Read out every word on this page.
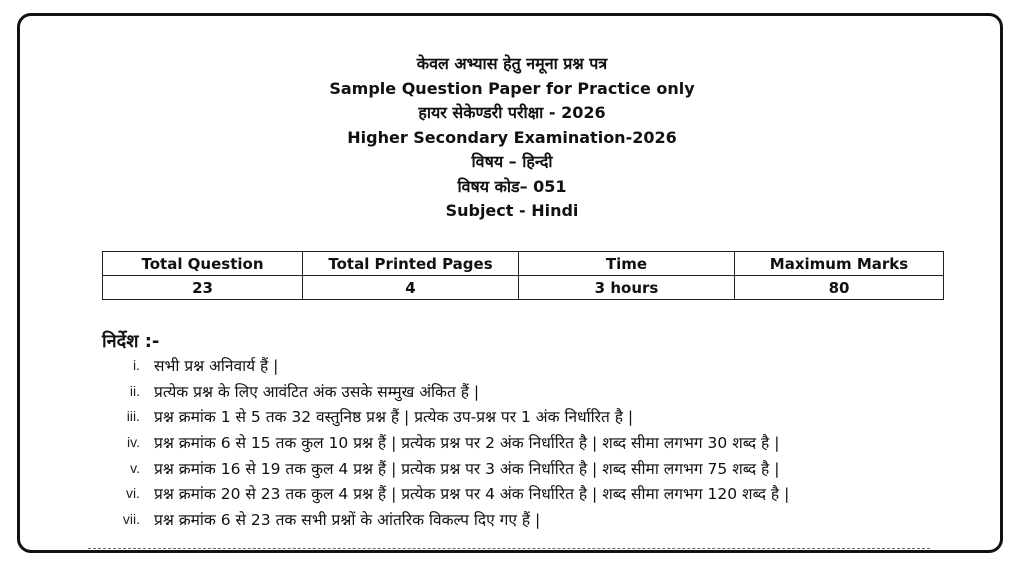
केवल अभ्यास हेतु नमूना प्रश्न पत्र
Sample Question Paper for Practice only
हायर सेकेण्डरी परीक्षा - 2026
Higher Secondary Examination-2026
विषय – हिन्दी
विषय कोड– 051
Subject - Hindi
Total Question	Total Printed Pages	Time	Maximum Marks
23	4	3 hours	80
निर्देश :-
i. सभी प्रश्न अनिवार्य हैं |
ii. प्रत्येक प्रश्न के लिए आवंटित अंक उसके सम्मुख अंकित हैं |
iii. प्रश्न क्रमांक 1 से 5 तक 32 वस्तुनिष्ठ प्रश्न हैं | प्रत्येक उप-प्रश्न पर 1 अंक निर्धारित है |
iv. प्रश्न क्रमांक 6 से 15 तक कुल 10 प्रश्न हैं | प्रत्येक प्रश्न पर 2 अंक निर्धारित है | शब्द सीमा लगभग 30 शब्द है |
v. प्रश्न क्रमांक 16 से 19 तक कुल 4 प्रश्न हैं | प्रत्येक प्रश्न पर 3 अंक निर्धारित है | शब्द सीमा लगभग 75 शब्द है |
vi. प्रश्न क्रमांक 20 से 23 तक कुल 4 प्रश्न हैं | प्रत्येक प्रश्न पर 4 अंक निर्धारित है | शब्द सीमा लगभग 120 शब्द है |
vii. प्रश्न क्रमांक 6 से 23 तक सभी प्रश्नों के आंतरिक विकल्प दिए गए हैं |
